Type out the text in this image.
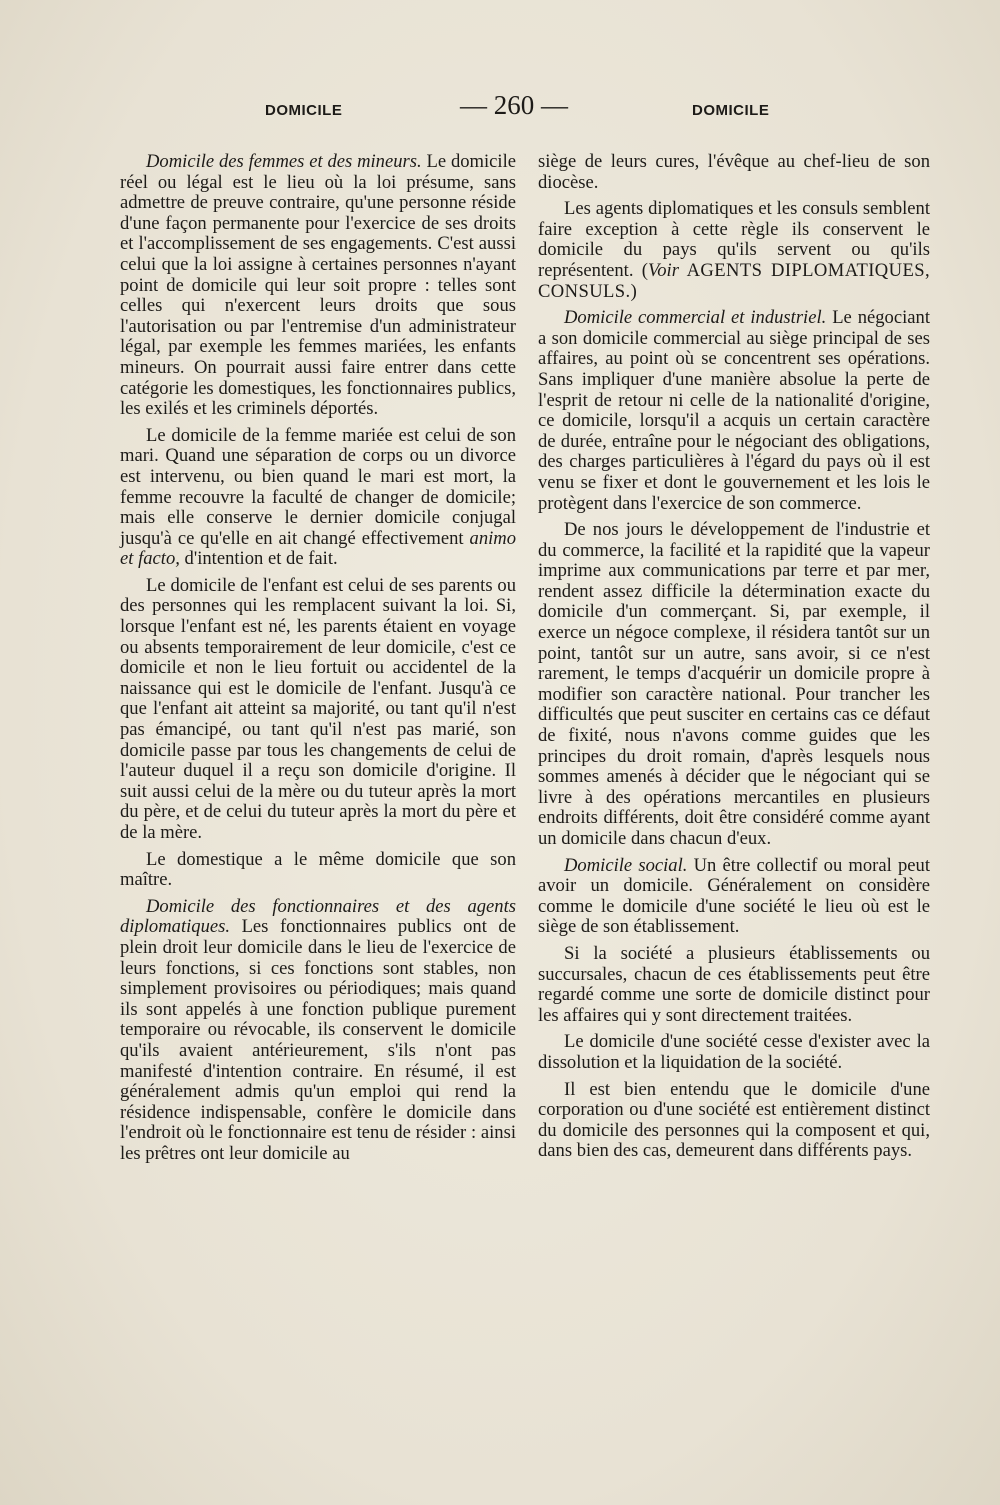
DOMICILE	— 260 —	DOMICILE

Domicile des femmes et des mineurs. Le domicile réel ou légal est le lieu où la loi présume, sans admettre de preuve contraire, qu'une personne réside d'une façon permanente pour l'exercice de ses droits et l'accomplissement de ses engagements. C'est aussi celui que la loi assigne à certaines personnes n'ayant point de domicile qui leur soit propre : telles sont celles qui n'exercent leurs droits que sous l'autorisation ou par l'entremise d'un administrateur légal, par exemple les femmes mariées, les enfants mineurs. On pourrait aussi faire entrer dans cette catégorie les domestiques, les fonctionnaires publics, les exilés et les criminels déportés.

Le domicile de la femme mariée est celui de son mari. Quand une séparation de corps ou un divorce est intervenu, ou bien quand le mari est mort, la femme recouvre la faculté de changer de domicile; mais elle conserve le dernier domicile conjugal jusqu'à ce qu'elle en ait changé effectivement animo et facto, d'intention et de fait.

Le domicile de l'enfant est celui de ses parents ou des personnes qui les remplacent suivant la loi. Si, lorsque l'enfant est né, les parents étaient en voyage ou absents temporairement de leur domicile, c'est ce domicile et non le lieu fortuit ou accidentel de la naissance qui est le domicile de l'enfant. Jusqu'à ce que l'enfant ait atteint sa majorité, ou tant qu'il n'est pas émancipé, ou tant qu'il n'est pas marié, son domicile passe par tous les changements de celui de l'auteur duquel il a reçu son domicile d'origine. Il suit aussi celui de la mère ou du tuteur après la mort du père, et de celui du tuteur après la mort du père et de la mère.

Le domestique a le même domicile que son maître.

Domicile des fonctionnaires et des agents diplomatiques. Les fonctionnaires publics ont de plein droit leur domicile dans le lieu de l'exercice de leurs fonctions, si ces fonctions sont stables, non simplement provisoires ou périodiques; mais quand ils sont appelés à une fonction publique purement temporaire ou révocable, ils conservent le domicile qu'ils avaient antérieurement, s'ils n'ont pas manifesté d'intention contraire. En résumé, il est généralement admis qu'un emploi qui rend la résidence indispensable, confère le domicile dans l'endroit où le fonctionnaire est tenu de résider : ainsi les prêtres ont leur domicile au

siège de leurs cures, l'évêque au chef-lieu de son diocèse.

Les agents diplomatiques et les consuls semblent faire exception à cette règle ils conservent le domicile du pays qu'ils servent ou qu'ils représentent. (Voir AGENTS DIPLOMATIQUES, CONSULS.)

Domicile commercial et industriel. Le négociant a son domicile commercial au siège principal de ses affaires, au point où se concentrent ses opérations. Sans impliquer d'une manière absolue la perte de l'esprit de retour ni celle de la nationalité d'origine, ce domicile, lorsqu'il a acquis un certain caractère de durée, entraîne pour le négociant des obligations, des charges particulières à l'égard du pays où il est venu se fixer et dont le gouvernement et les lois le protègent dans l'exercice de son commerce.

De nos jours le développement de l'industrie et du commerce, la facilité et la rapidité que la vapeur imprime aux communications par terre et par mer, rendent assez difficile la détermination exacte du domicile d'un commerçant. Si, par exemple, il exerce un négoce complexe, il résidera tantôt sur un point, tantôt sur un autre, sans avoir, si ce n'est rarement, le temps d'acquérir un domicile propre à modifier son caractère national. Pour trancher les difficultés que peut susciter en certains cas ce défaut de fixité, nous n'avons comme guides que les principes du droit romain, d'après lesquels nous sommes amenés à décider que le négociant qui se livre à des opérations mercantiles en plusieurs endroits différents, doit être considéré comme ayant un domicile dans chacun d'eux.

Domicile social. Un être collectif ou moral peut avoir un domicile. Généralement on considère comme le domicile d'une société le lieu où est le siège de son établissement.

Si la société a plusieurs établissements ou succursales, chacun de ces établissements peut être regardé comme une sorte de domicile distinct pour les affaires qui y sont directement traitées.

Le domicile d'une société cesse d'exister avec la dissolution et la liquidation de la société.

Il est bien entendu que le domicile d'une corporation ou d'une société est entièrement distinct du domicile des personnes qui la composent et qui, dans bien des cas, demeurent dans différents pays.
